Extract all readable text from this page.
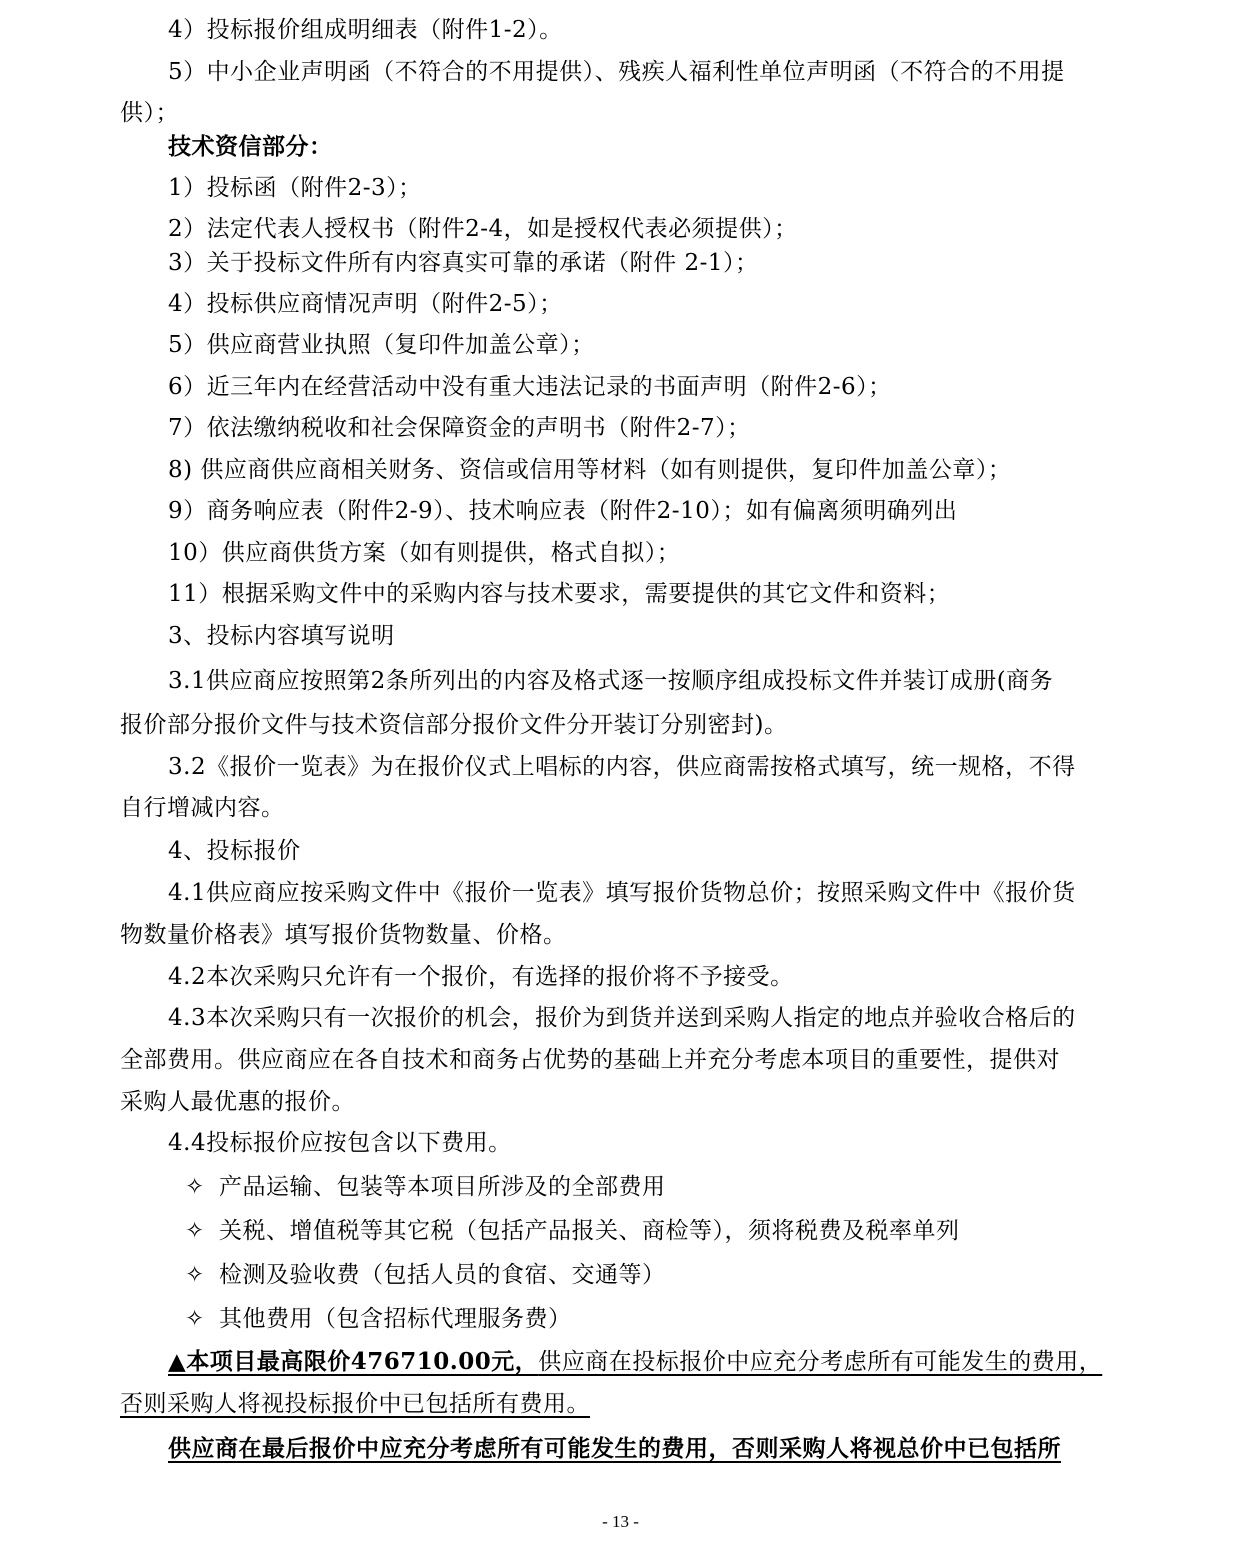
4）投标报价组成明细表（附件1-2）。
5）中小企业声明函（不符合的不用提供）、残疾人福利性单位声明函（不符合的不用提
供）；
技术资信部分：
1）投标函（附件2-3）；
2）法定代表人授权书（附件2-4，如是授权代表必须提供）；
3）关于投标文件所有内容真实可靠的承诺（附件 2-1）；
4）投标供应商情况声明（附件2-5）；
5）供应商营业执照（复印件加盖公章）；
6）近三年内在经营活动中没有重大违法记录的书面声明（附件2-6）；
7）依法缴纳税收和社会保障资金的声明书（附件2-7）；
8) 供应商供应商相关财务、资信或信用等材料（如有则提供，复印件加盖公章）；
9）商务响应表（附件2-9）、技术响应表（附件2-10）；如有偏离须明确列出
10）供应商供货方案（如有则提供，格式自拟）；
11）根据采购文件中的采购内容与技术要求，需要提供的其它文件和资料；
3、投标内容填写说明
3.1供应商应按照第2条所列出的内容及格式逐一按顺序组成投标文件并装订成册(商务
报价部分报价文件与技术资信部分报价文件分开装订分别密封)。
3.2《报价一览表》为在报价仪式上唱标的内容，供应商需按格式填写，统一规格，不得
自行增减内容。
4、投标报价
4.1供应商应按采购文件中《报价一览表》填写报价货物总价；按照采购文件中《报价货
物数量价格表》填写报价货物数量、价格。
4.2本次采购只允许有一个报价，有选择的报价将不予接受。
4.3本次采购只有一次报价的机会，报价为到货并送到采购人指定的地点并验收合格后的
全部费用。供应商应在各自技术和商务占优势的基础上并充分考虑本项目的重要性，提供对
采购人最优惠的报价。
4.4投标报价应按包含以下费用。
✧ 产品运输、包装等本项目所涉及的全部费用
✧ 关税、增值税等其它税（包括产品报关、商检等），须将税费及税率单列
✧ 检测及验收费（包括人员的食宿、交通等）
✧ 其他费用（包含招标代理服务费）
▲本项目最高限价476710.00元，供应商在投标报价中应充分考虑所有可能发生的费用，
否则采购人将视投标报价中已包括所有费用。
供应商在最后报价中应充分考虑所有可能发生的费用，否则采购人将视总价中已包括所
- 13 -
